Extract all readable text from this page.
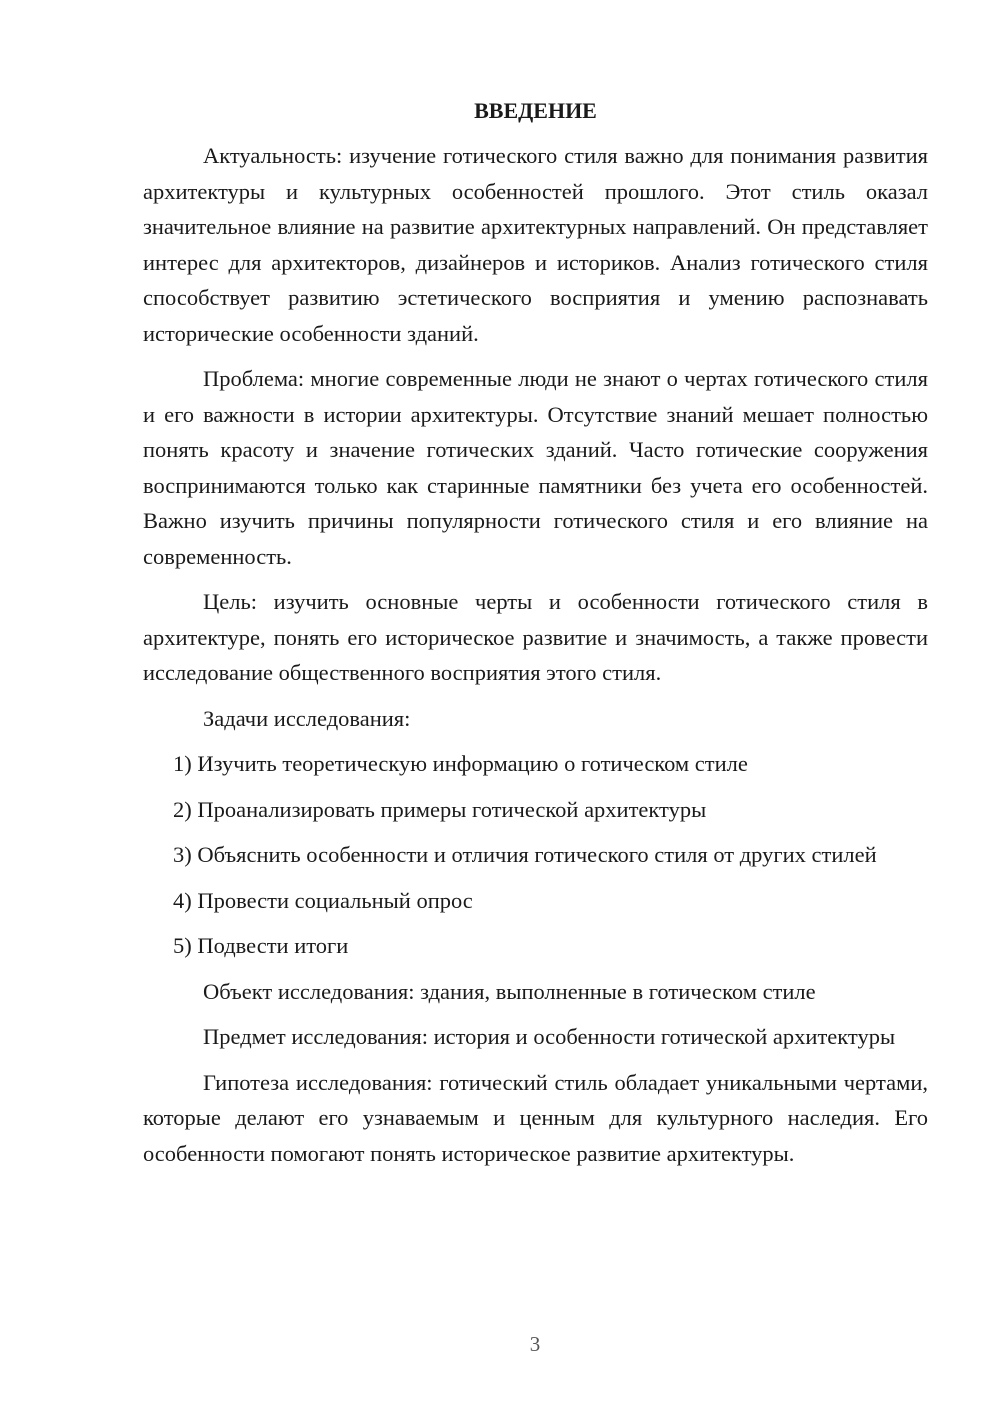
ВВЕДЕНИЕ

Актуальность: изучение готического стиля важно для понимания развития архитектуры и культурных особенностей прошлого. Этот стиль оказал значительное влияние на развитие архитектурных направлений. Он представляет интерес для архитекторов, дизайнеров и историков. Анализ готического стиля способствует развитию эстетического восприятия и умению распознавать исторические особенности зданий.

Проблема: многие современные люди не знают о чертах готического стиля и его важности в истории архитектуры. Отсутствие знаний мешает полностью понять красоту и значение готических зданий. Часто готические сооружения воспринимаются только как старинные памятники без учета его особенностей. Важно изучить причины популярности готического стиля и его влияние на современность.

Цель: изучить основные черты и особенности готического стиля в архитектуре, понять его историческое развитие и значимость, а также провести исследование общественного восприятия этого стиля.

Задачи исследования:

1) Изучить теоретическую информацию о готическом стиле

2) Проанализировать примеры готической архитектуры

3) Объяснить особенности и отличия готического стиля от других стилей

4) Провести социальный опрос

5) Подвести итоги

Объект исследования: здания, выполненные в готическом стиле

Предмет исследования: история и особенности готической архитектуры

Гипотеза исследования: готический стиль обладает уникальными чертами, которые делают его узнаваемым и ценным для культурного наследия. Его особенности помогают понять историческое развитие архитектуры.

3
